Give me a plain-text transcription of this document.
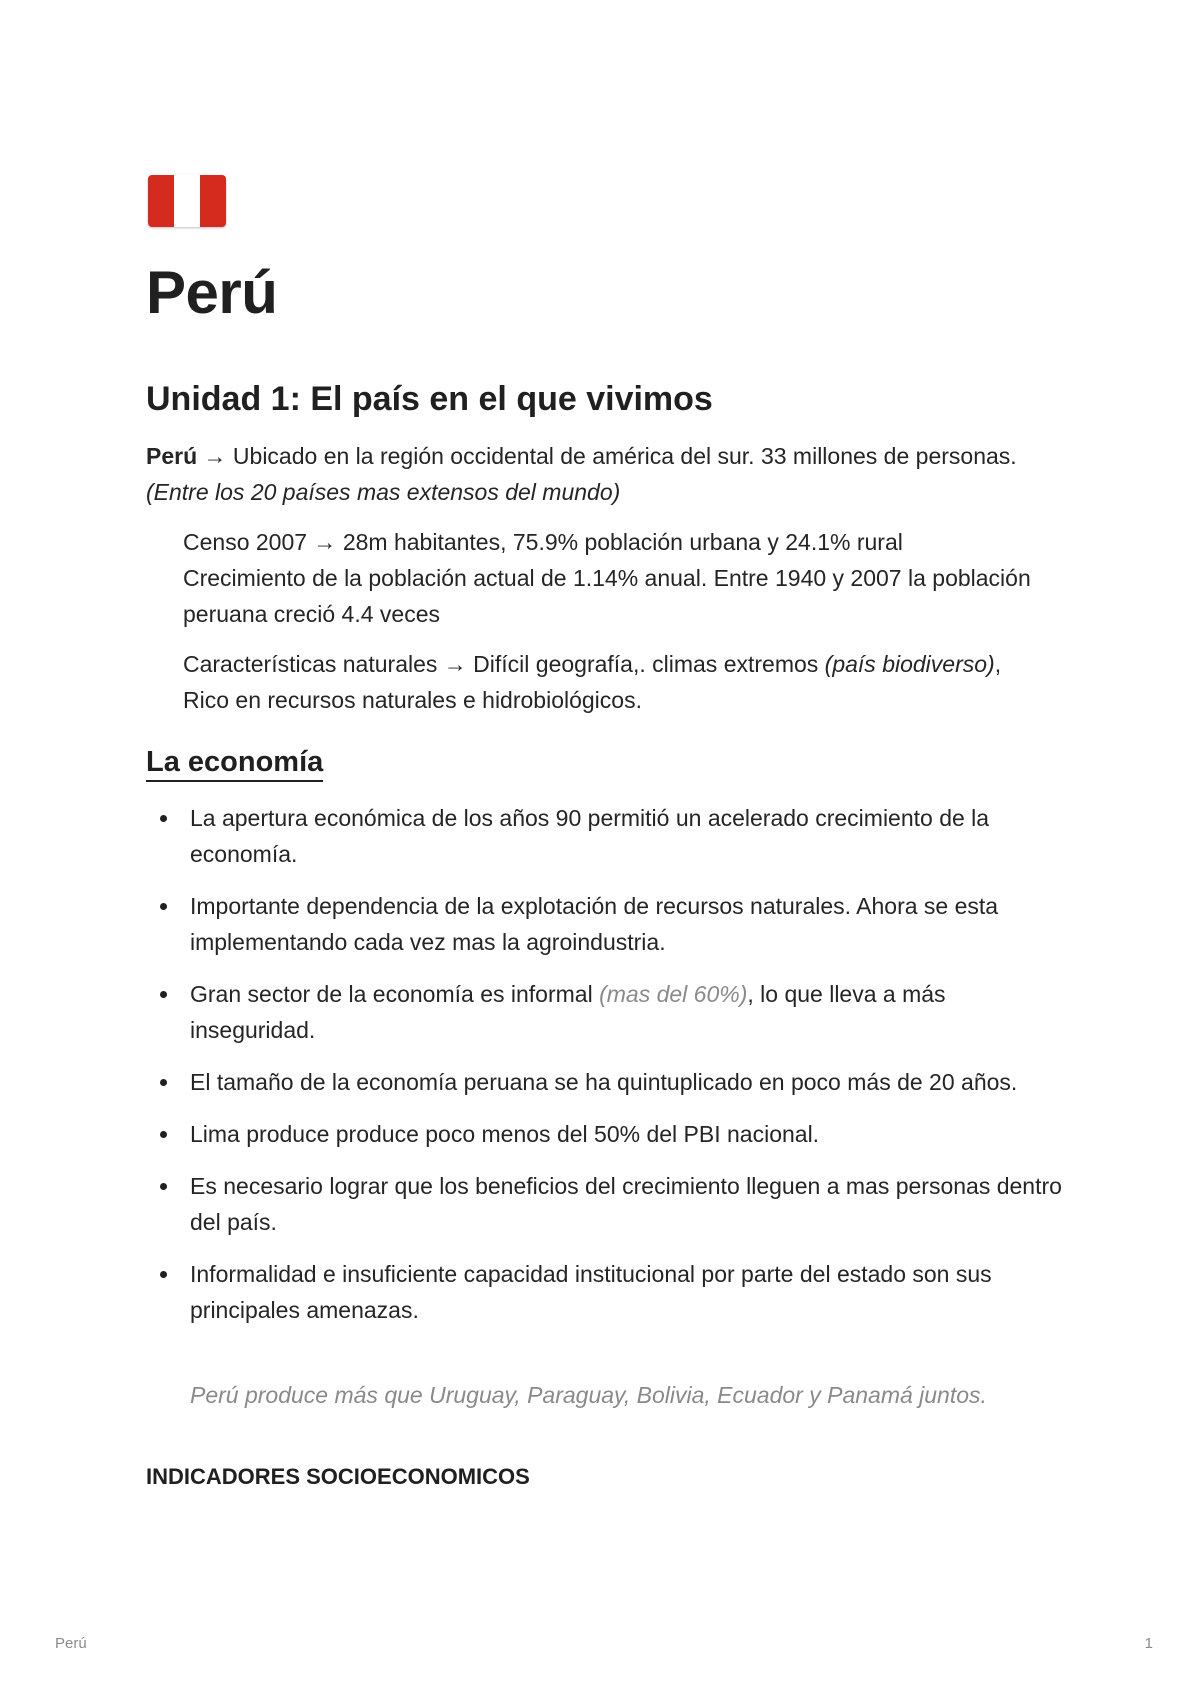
Perú
Unidad 1: El país en el que vivimos

Perú → Ubicado en la región occidental de américa del sur. 33 millones de personas. (Entre los 20 países mas extensos del mundo)

Censo 2007 → 28m habitantes, 75.9% población urbana y 24.1% rural

Crecimiento de la población actual de 1.14% anual. Entre 1940 y 2007 la población peruana creció 4.4 veces

Características naturales → Difícil geografía,. climas extremos (país biodiverso), Rico en recursos naturales e hidrobiológicos.

La economía
La apertura económica de los años 90 permitió un acelerado crecimiento de la economía.
Importante dependencia de la explotación de recursos naturales. Ahora se esta implementando cada vez mas la agroindustria.
Gran sector de la economía es informal (mas del 60%), lo que lleva a más inseguridad.
El tamaño de la economía peruana se ha quintuplicado en poco más de 20 años.
Lima produce produce poco menos del 50% del PBI nacional.
Es necesario lograr que los beneficios del crecimiento lleguen a mas personas dentro del país.
Informalidad e insuficiente capacidad institucional por parte del estado son sus principales amenazas.
Perú produce más que Uruguay, Paraguay, Bolivia, Ecuador y Panamá juntos.
INDICADORES SOCIOECONOMICOS
Perú	1
